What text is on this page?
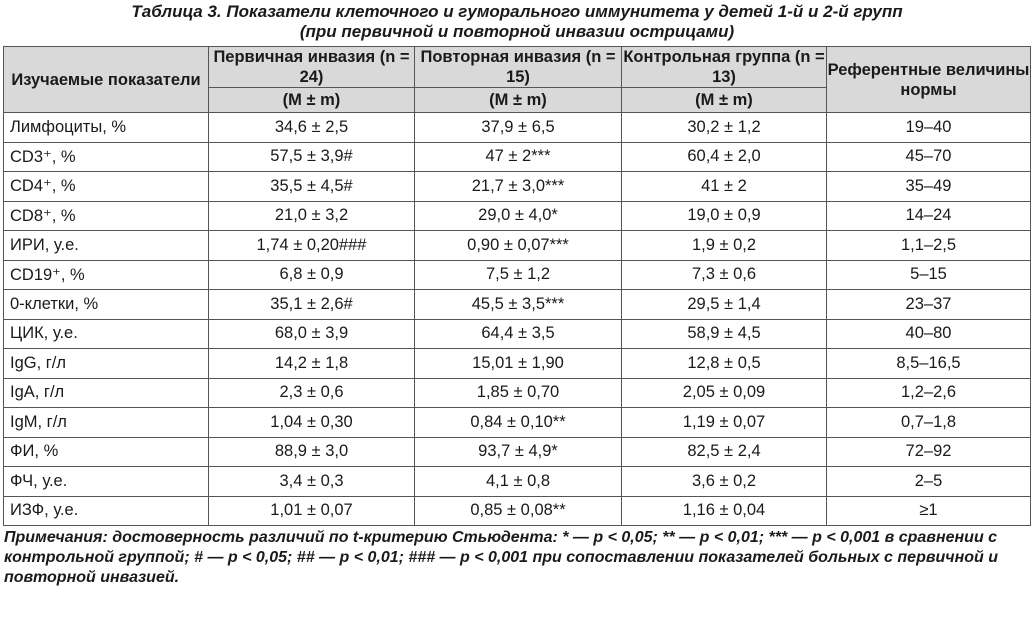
Таблица 3. Показатели клеточного и гуморального иммунитета у детей 1-й и 2-й групп
(при первичной и повторной инвазии острицами)
Изучаемые показатели	Первичная инвазия (n = 24)	Повторная инвазия (n = 15)	Контрольная группа (n = 13)	Референтные величины нормы
	(M ± m)	(M ± m)	(M ± m)	
Лимфоциты, %	34,6 ± 2,5	37,9 ± 6,5	30,2 ± 1,2	19–40
CD3⁺, %	57,5 ± 3,9#	47 ± 2***	60,4 ± 2,0	45–70
CD4⁺, %	35,5 ± 4,5#	21,7 ± 3,0***	41 ± 2	35–49
CD8⁺, %	21,0 ± 3,2	29,0 ± 4,0*	19,0 ± 0,9	14–24
ИРИ, у.е.	1,74 ± 0,20###	0,90 ± 0,07***	1,9 ± 0,2	1,1–2,5
CD19⁺, %	6,8 ± 0,9	7,5 ± 1,2	7,3 ± 0,6	5–15
0-клетки, %	35,1 ± 2,6#	45,5 ± 3,5***	29,5 ± 1,4	23–37
ЦИК, у.е.	68,0 ± 3,9	64,4 ± 3,5	58,9 ± 4,5	40–80
IgG, г/л	14,2 ± 1,8	15,01 ± 1,90	12,8 ± 0,5	8,5–16,5
IgA, г/л	2,3 ± 0,6	1,85 ± 0,70	2,05 ± 0,09	1,2–2,6
IgM, г/л	1,04 ± 0,30	0,84 ± 0,10**	1,19 ± 0,07	0,7–1,8
ФИ, %	88,9 ± 3,0	93,7 ± 4,9*	82,5 ± 2,4	72–92
ФЧ, у.е.	3,4 ± 0,3	4,1 ± 0,8	3,6 ± 0,2	2–5
ИЗФ, у.е.	1,01 ± 0,07	0,85 ± 0,08**	1,16 ± 0,04	≥1
Примечания: достоверность различий по t-критерию Стьюдента: * — p < 0,05; ** — p < 0,01; *** — p < 0,001 в сравнении с контрольной группой; # — p < 0,05; ## — p < 0,01; ### — p < 0,001 при сопоставлении показателей больных с первичной и повторной инвазией.
